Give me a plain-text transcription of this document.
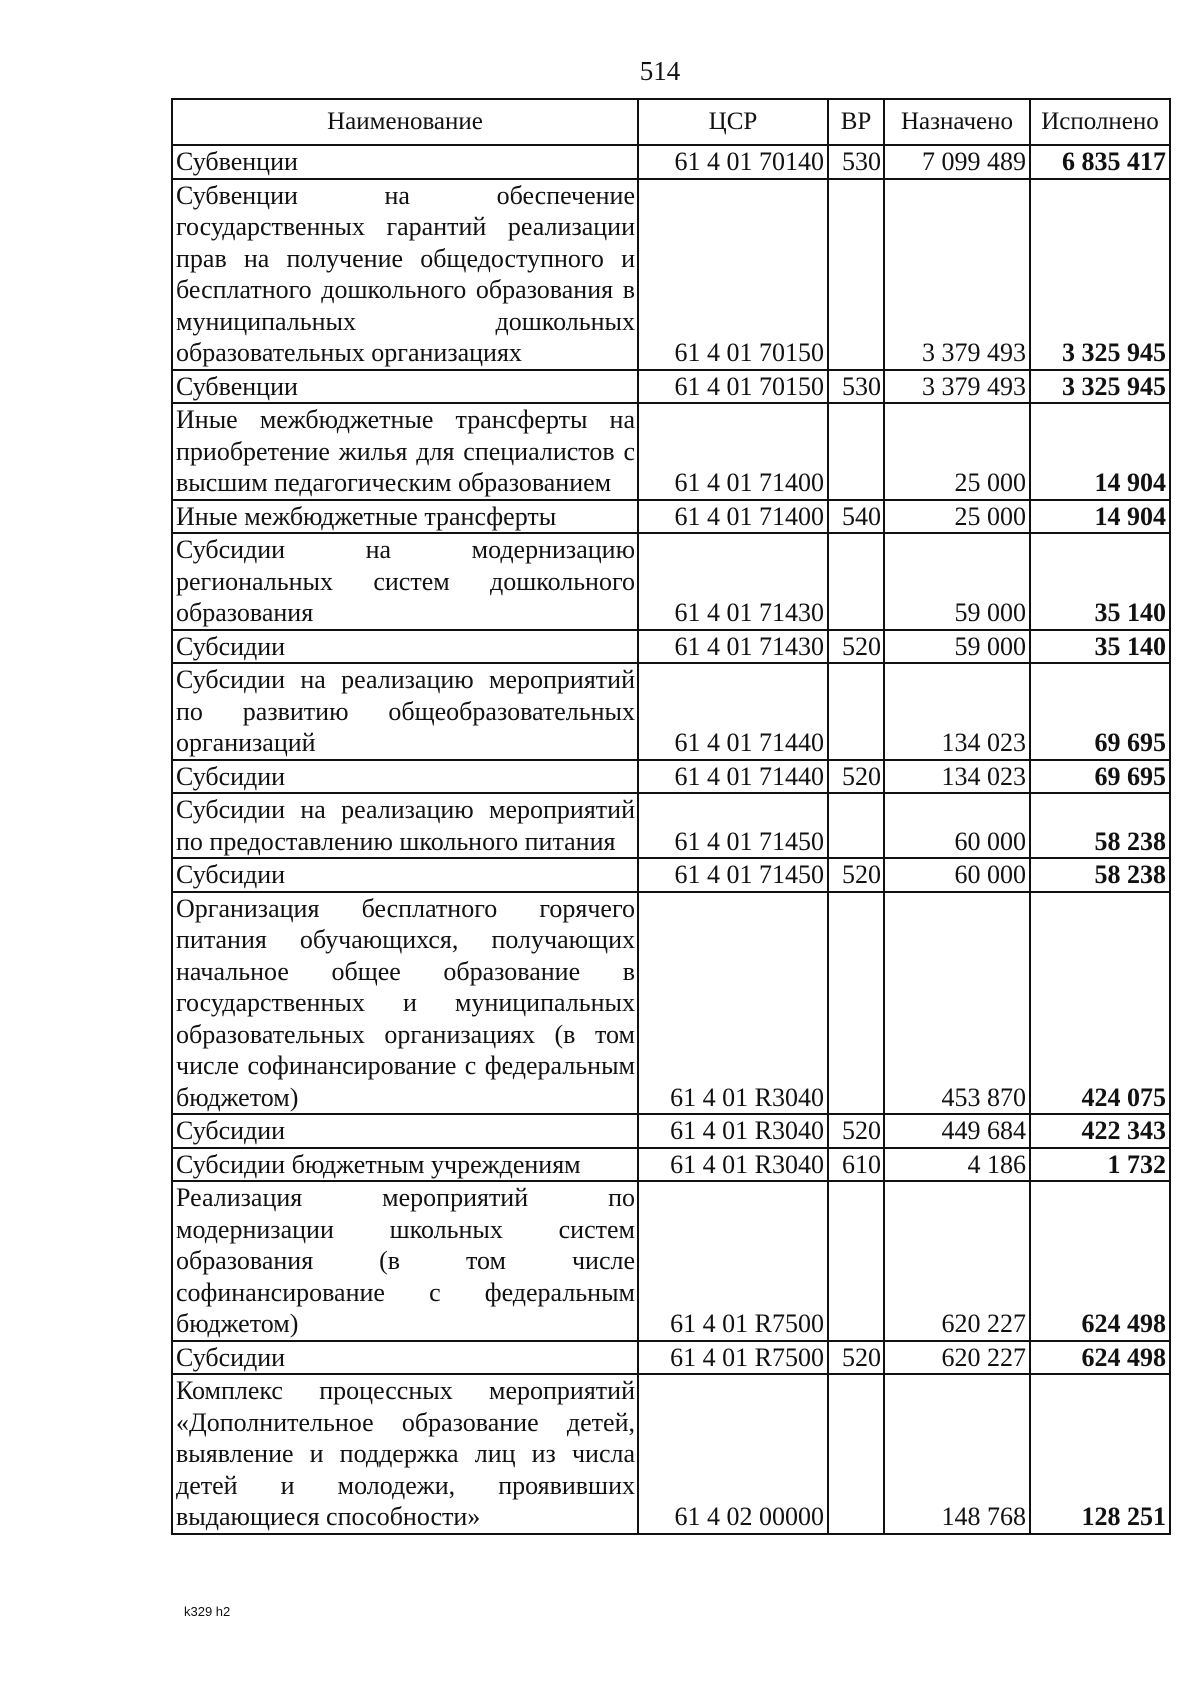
514
Наименование	ЦСР	ВР	Назначено	Исполнено
Субвенции	61 4 01 70140	530	7 099 489	6 835 417
Субвенции на обеспечение государственных гарантий реализации прав на получение общедоступного и бесплатного дошкольного образования в муниципальных дошкольных образовательных организациях	61 4 01 70150		3 379 493	3 325 945
Субвенции	61 4 01 70150	530	3 379 493	3 325 945
Иные межбюджетные трансферты на приобретение жилья для специалистов с высшим педагогическим образованием	61 4 01 71400		25 000	14 904
Иные межбюджетные трансферты	61 4 01 71400	540	25 000	14 904
Субсидии на модернизацию региональных систем дошкольного образования	61 4 01 71430		59 000	35 140
Субсидии	61 4 01 71430	520	59 000	35 140
Субсидии на реализацию мероприятий по развитию общеобразовательных организаций	61 4 01 71440		134 023	69 695
Субсидии	61 4 01 71440	520	134 023	69 695
Субсидии на реализацию мероприятий по предоставлению школьного питания	61 4 01 71450		60 000	58 238
Субсидии	61 4 01 71450	520	60 000	58 238
Организация бесплатного горячего питания обучающихся, получающих начальное общее образование в государственных и муниципальных образовательных организациях (в том числе софинансирование с федеральным бюджетом)	61 4 01 R3040		453 870	424 075
Субсидии	61 4 01 R3040	520	449 684	422 343
Субсидии бюджетным учреждениям	61 4 01 R3040	610	4 186	1 732
Реализация мероприятий по модернизации школьных систем образования (в том числе софинансирование с федеральным бюджетом)	61 4 01 R7500		620 227	624 498
Субсидии	61 4 01 R7500	520	620 227	624 498
Комплекс процессных мероприятий «Дополнительное образование детей, выявление и поддержка лиц из числа детей и молодежи, проявивших выдающиеся способности»	61 4 02 00000		148 768	128 251
k329 h2
